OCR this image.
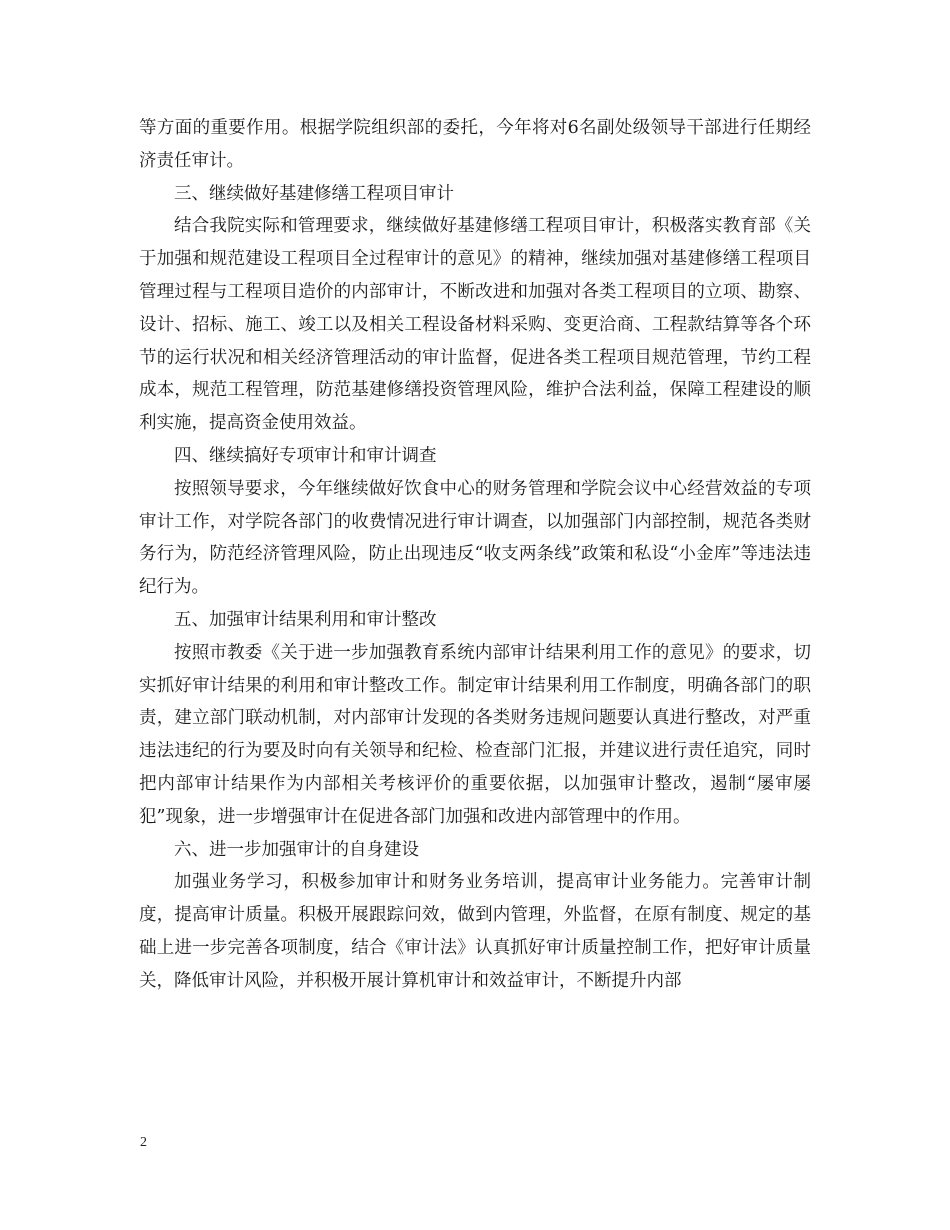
等方面的重要作用。根据学院组织部的委托，今年将对6名副处级领导干部进行任期经济责任审计。

三、继续做好基建修缮工程项目审计

结合我院实际和管理要求，继续做好基建修缮工程项目审计，积极落实教育部《关于加强和规范建设工程项目全过程审计的意见》的精神，继续加强对基建修缮工程项目管理过程与工程项目造价的内部审计，不断改进和加强对各类工程项目的立项、勘察、设计、招标、施工、竣工以及相关工程设备材料采购、变更洽商、工程款结算等各个环节的运行状况和相关经济管理活动的审计监督，促进各类工程项目规范管理，节约工程成本，规范工程管理，防范基建修缮投资管理风险，维护合法利益，保障工程建设的顺利实施，提高资金使用效益。

四、继续搞好专项审计和审计调查

按照领导要求，今年继续做好饮食中心的财务管理和学院会议中心经营效益的专项审计工作，对学院各部门的收费情况进行审计调查，以加强部门内部控制，规范各类财务行为，防范经济管理风险，防止出现违反“收支两条线”政策和私设“小金库”等违法违纪行为。

五、加强审计结果利用和审计整改

按照市教委《关于进一步加强教育系统内部审计结果利用工作的意见》的要求，切实抓好审计结果的利用和审计整改工作。制定审计结果利用工作制度，明确各部门的职责，建立部门联动机制，对内部审计发现的各类财务违规问题要认真进行整改，对严重违法违纪的行为要及时向有关领导和纪检、检查部门汇报，并建议进行责任追究，同时把内部审计结果作为内部相关考核评价的重要依据，以加强审计整改，遏制“屡审屡犯”现象，进一步增强审计在促进各部门加强和改进内部管理中的作用。

六、进一步加强审计的自身建设

加强业务学习，积极参加审计和财务业务培训，提高审计业务能力。完善审计制度，提高审计质量。积极开展跟踪问效，做到内管理，外监督，在原有制度、规定的基础上进一步完善各项制度，结合《审计法》认真抓好审计质量控制工作，把好审计质量关，降低审计风险，并积极开展计算机审计和效益审计，不断提升内部

2
